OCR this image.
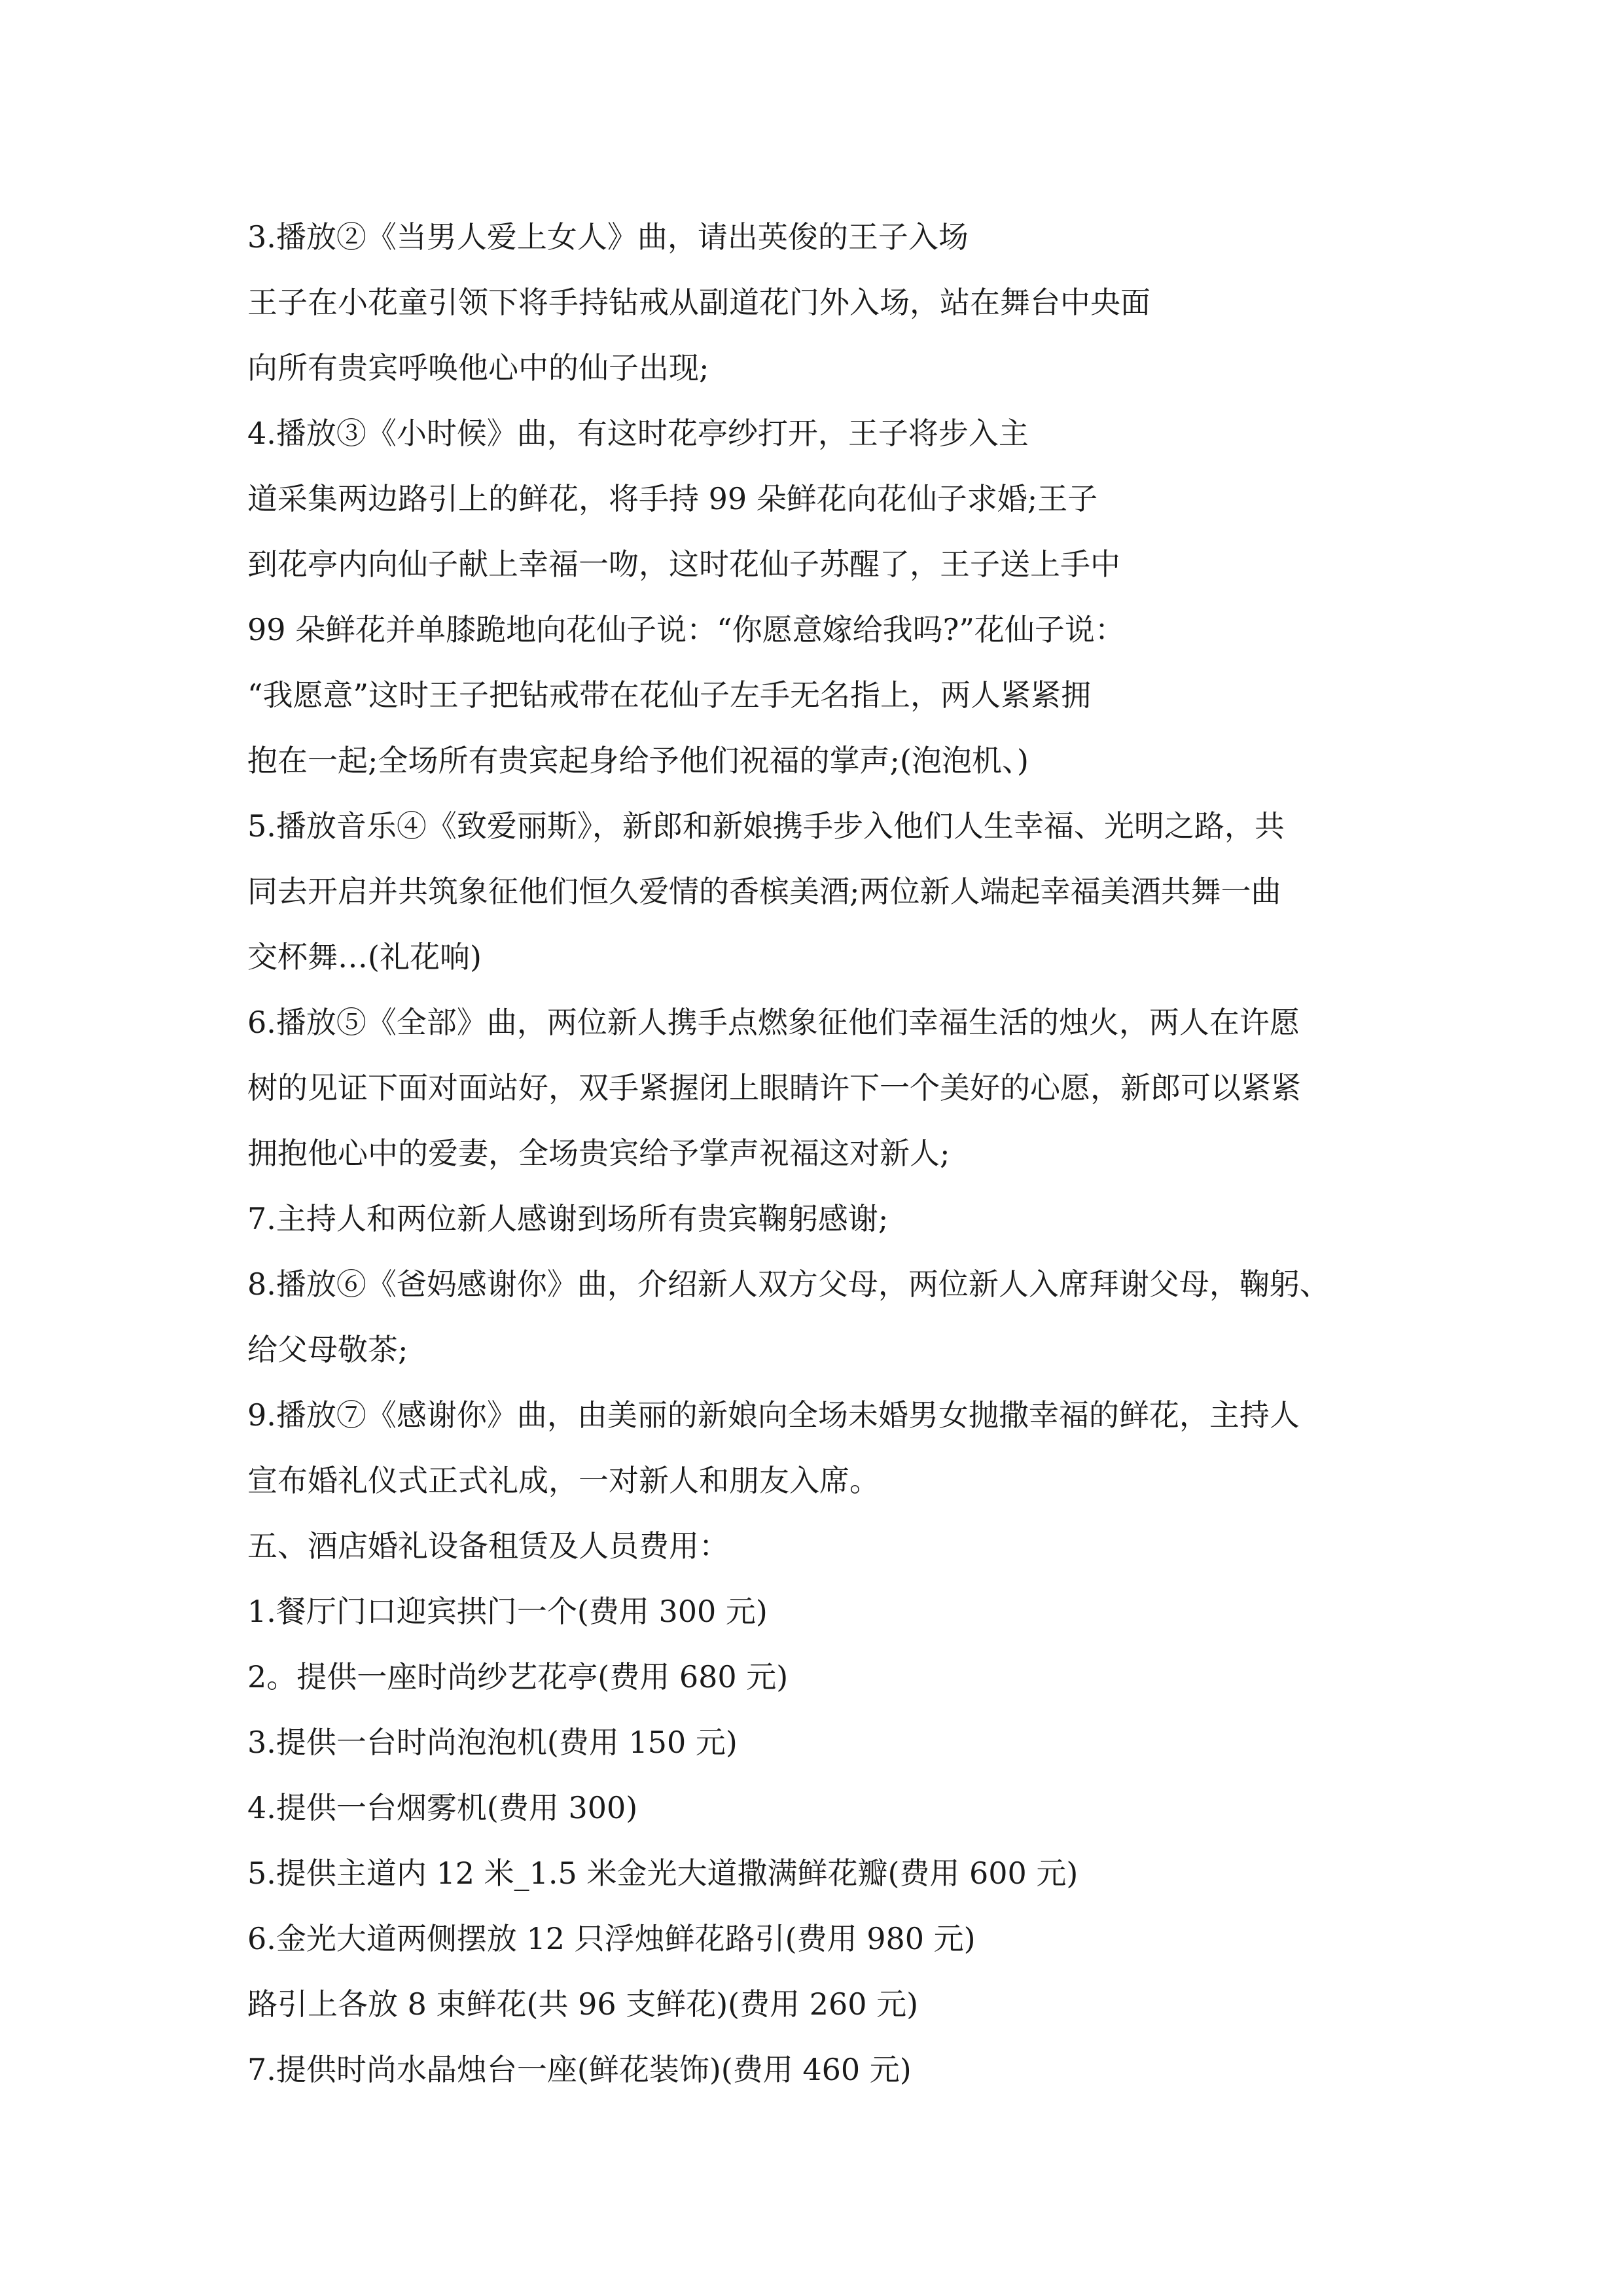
3.播放②《当男人爱上女人》曲，请出英俊的王子入场
王子在小花童引领下将手持钻戒从副道花门外入场，站在舞台中央面
向所有贵宾呼唤他心中的仙子出现;
4.播放③《小时候》曲，有这时花亭纱打开，王子将步入主
道采集两边路引上的鲜花，将手持 99 朵鲜花向花仙子求婚;王子
到花亭内向仙子献上幸福一吻，这时花仙子苏醒了，王子送上手中
99 朵鲜花并单膝跪地向花仙子说：“你愿意嫁给我吗?”花仙子说：
“我愿意”这时王子把钻戒带在花仙子左手无名指上，两人紧紧拥
抱在一起;全场所有贵宾起身给予他们祝福的掌声;(泡泡机、)
5.播放音乐④《致爱丽斯》，新郎和新娘携手步入他们人生幸福、光明之路，共
同去开启并共筑象征他们恒久爱情的香槟美酒;两位新人端起幸福美酒共舞一曲
交杯舞…(礼花响)
6.播放⑤《全部》曲，两位新人携手点燃象征他们幸福生活的烛火，两人在许愿
树的见证下面对面站好，双手紧握闭上眼睛许下一个美好的心愿，新郎可以紧紧
拥抱他心中的爱妻，全场贵宾给予掌声祝福这对新人;
7.主持人和两位新人感谢到场所有贵宾鞠躬感谢;
8.播放⑥《爸妈感谢你》曲，介绍新人双方父母，两位新人入席拜谢父母，鞠躬、
给父母敬茶;
9.播放⑦《感谢你》曲，由美丽的新娘向全场未婚男女抛撒幸福的鲜花，主持人
宣布婚礼仪式正式礼成，一对新人和朋友入席。
五、酒店婚礼设备租赁及人员费用：
1.餐厅门口迎宾拱门一个(费用 300 元)
2。提供一座时尚纱艺花亭(费用 680 元)
3.提供一台时尚泡泡机(费用 150 元)
4.提供一台烟雾机(费用 300)
5.提供主道内 12 米_1.5 米金光大道撒满鲜花瓣(费用 600 元)
6.金光大道两侧摆放 12 只浮烛鲜花路引(费用 980 元)
路引上各放 8 束鲜花(共 96 支鲜花)(费用 260 元)
7.提供时尚水晶烛台一座(鲜花装饰)(费用 460 元)
